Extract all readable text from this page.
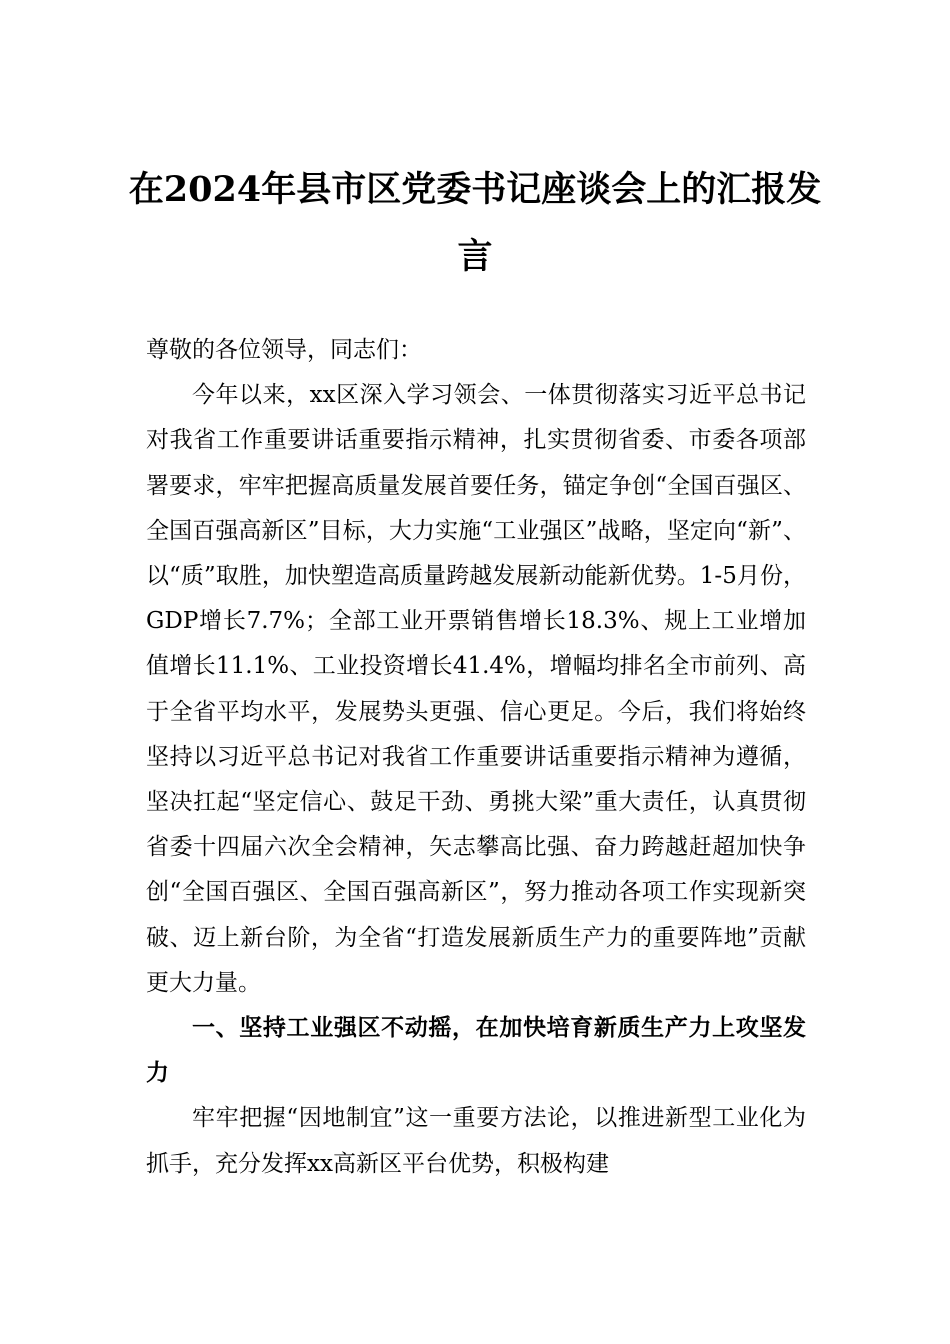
在2024年县市区党委书记座谈会上的汇报发言

尊敬的各位领导，同志们：

今年以来，xx区深入学习领会、一体贯彻落实习近平总书记对我省工作重要讲话重要指示精神，扎实贯彻省委、市委各项部署要求，牢牢把握高质量发展首要任务，锚定争创“全国百强区、全国百强高新区”目标，大力实施“工业强区”战略，坚定向“新”、以“质”取胜，加快塑造高质量跨越发展新动能新优势。1-5月份，GDP增长7.7%；全部工业开票销售增长18.3%、规上工业增加值增长11.1%、工业投资增长41.4%，增幅均排名全市前列、高于全省平均水平，发展势头更强、信心更足。今后，我们将始终坚持以习近平总书记对我省工作重要讲话重要指示精神为遵循，坚决扛起“坚定信心、鼓足干劲、勇挑大梁”重大责任，认真贯彻省委十四届六次全会精神，矢志攀高比强、奋力跨越赶超加快争创“全国百强区、全国百强高新区”，努力推动各项工作实现新突破、迈上新台阶，为全省“打造发展新质生产力的重要阵地”贡献更大力量。

一、坚持工业强区不动摇，在加快培育新质生产力上攻坚发力

牢牢把握“因地制宜”这一重要方法论，以推进新型工业化为抓手，充分发挥xx高新区平台优势，积极构建
